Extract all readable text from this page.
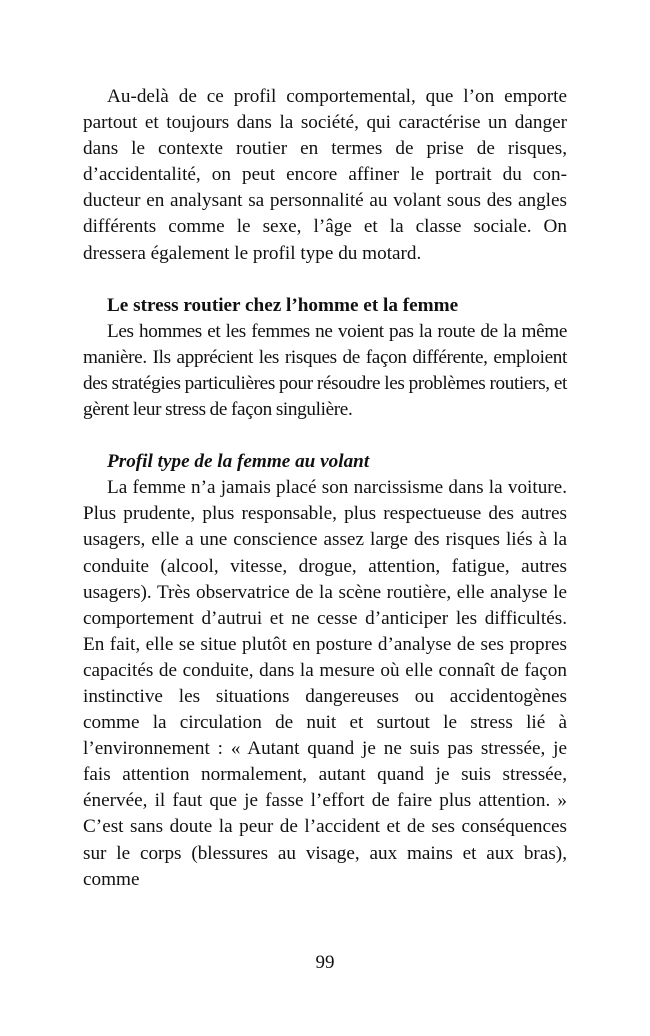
Au-delà de ce profil comportemental, que l’on emporte partout et toujours dans la société, qui caractérise un danger dans le contexte routier en termes de prise de risques, d’accidentalité, on peut encore affiner le portrait du conducteur en analysant sa personnalité au volant sous des angles différents comme le sexe, l’âge et la classe sociale. On dressera également le profil type du motard.

Le stress routier chez l’homme et la femme

Les hommes et les femmes ne voient pas la route de la même manière. Ils apprécient les risques de façon différente, emploient des stratégies particulières pour résoudre les problèmes routiers, et gèrent leur stress de façon singulière.

Profil type de la femme au volant

La femme n’a jamais placé son narcissisme dans la voiture. Plus prudente, plus responsable, plus respectueuse des autres usagers, elle a une conscience assez large des risques liés à la conduite (alcool, vitesse, drogue, attention, fatigue, autres usagers). Très observatrice de la scène routière, elle analyse le comportement d’autrui et ne cesse d’anticiper les difficultés. En fait, elle se situe plutôt en posture d’analyse de ses propres capacités de conduite, dans la mesure où elle connaît de façon instinctive les situations dangereuses ou accidentogènes comme la circulation de nuit et surtout le stress lié à l’environnement : « Autant quand je ne suis pas stressée, je fais attention normalement, autant quand je suis stressée, énervée, il faut que je fasse l’effort de faire plus attention. » C’est sans doute la peur de l’accident et de ses conséquences sur le corps (blessures au visage, aux mains et aux bras), comme

99
